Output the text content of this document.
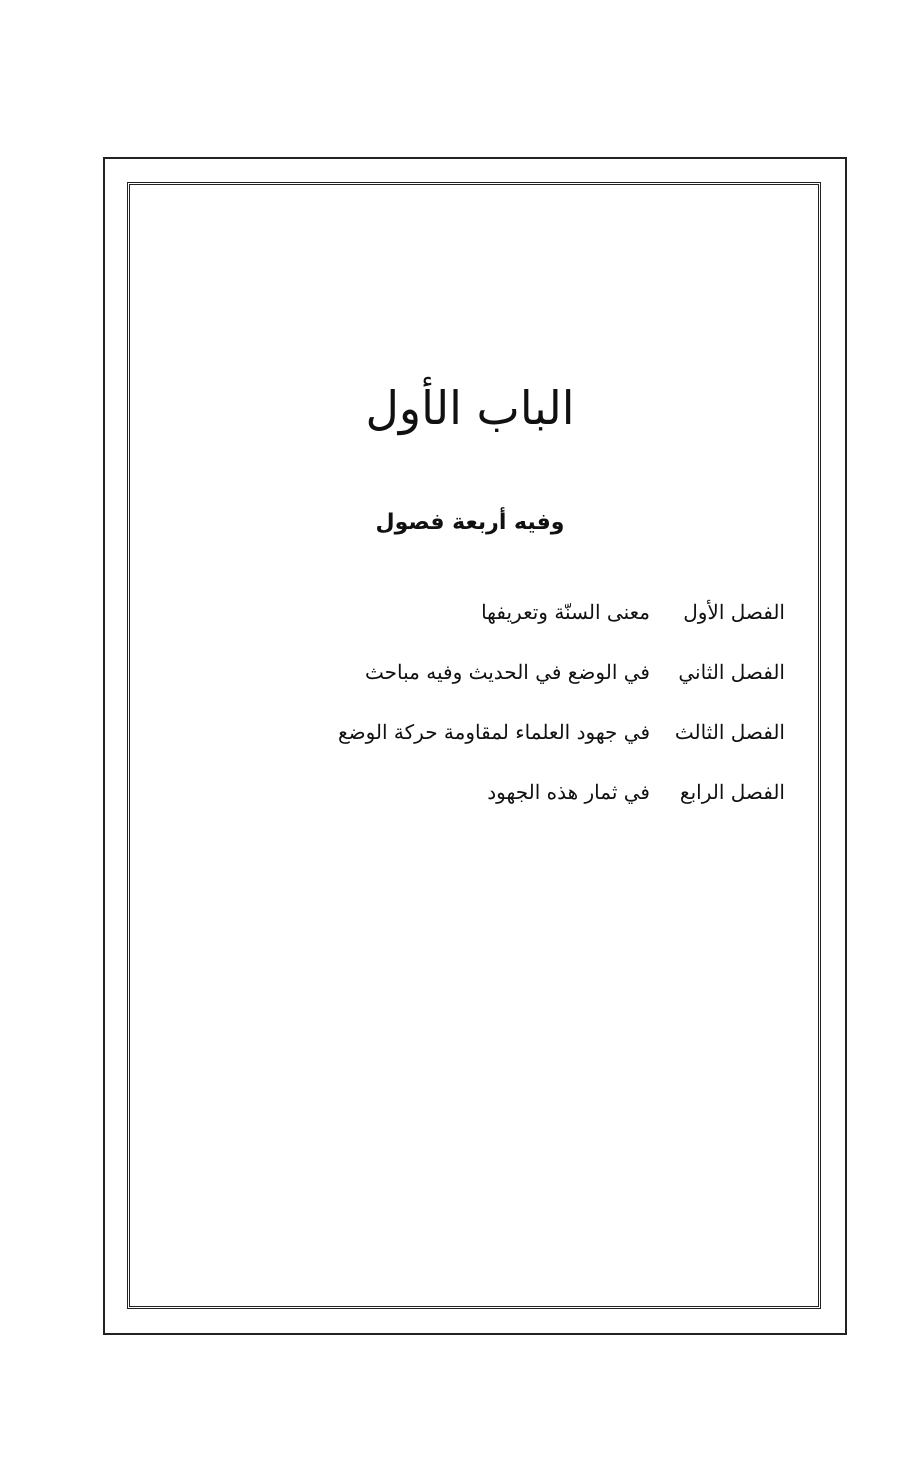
الباب الأول
وفيه أربعة فصول
الفصل الأول
معنى السنّة وتعريفها
الفصل الثاني
في الوضع في الحديث وفيه مباحث
الفصل الثالث
في جهود العلماء لمقاومة حركة الوضع
الفصل الرابع
في ثمار هذه الجهود
